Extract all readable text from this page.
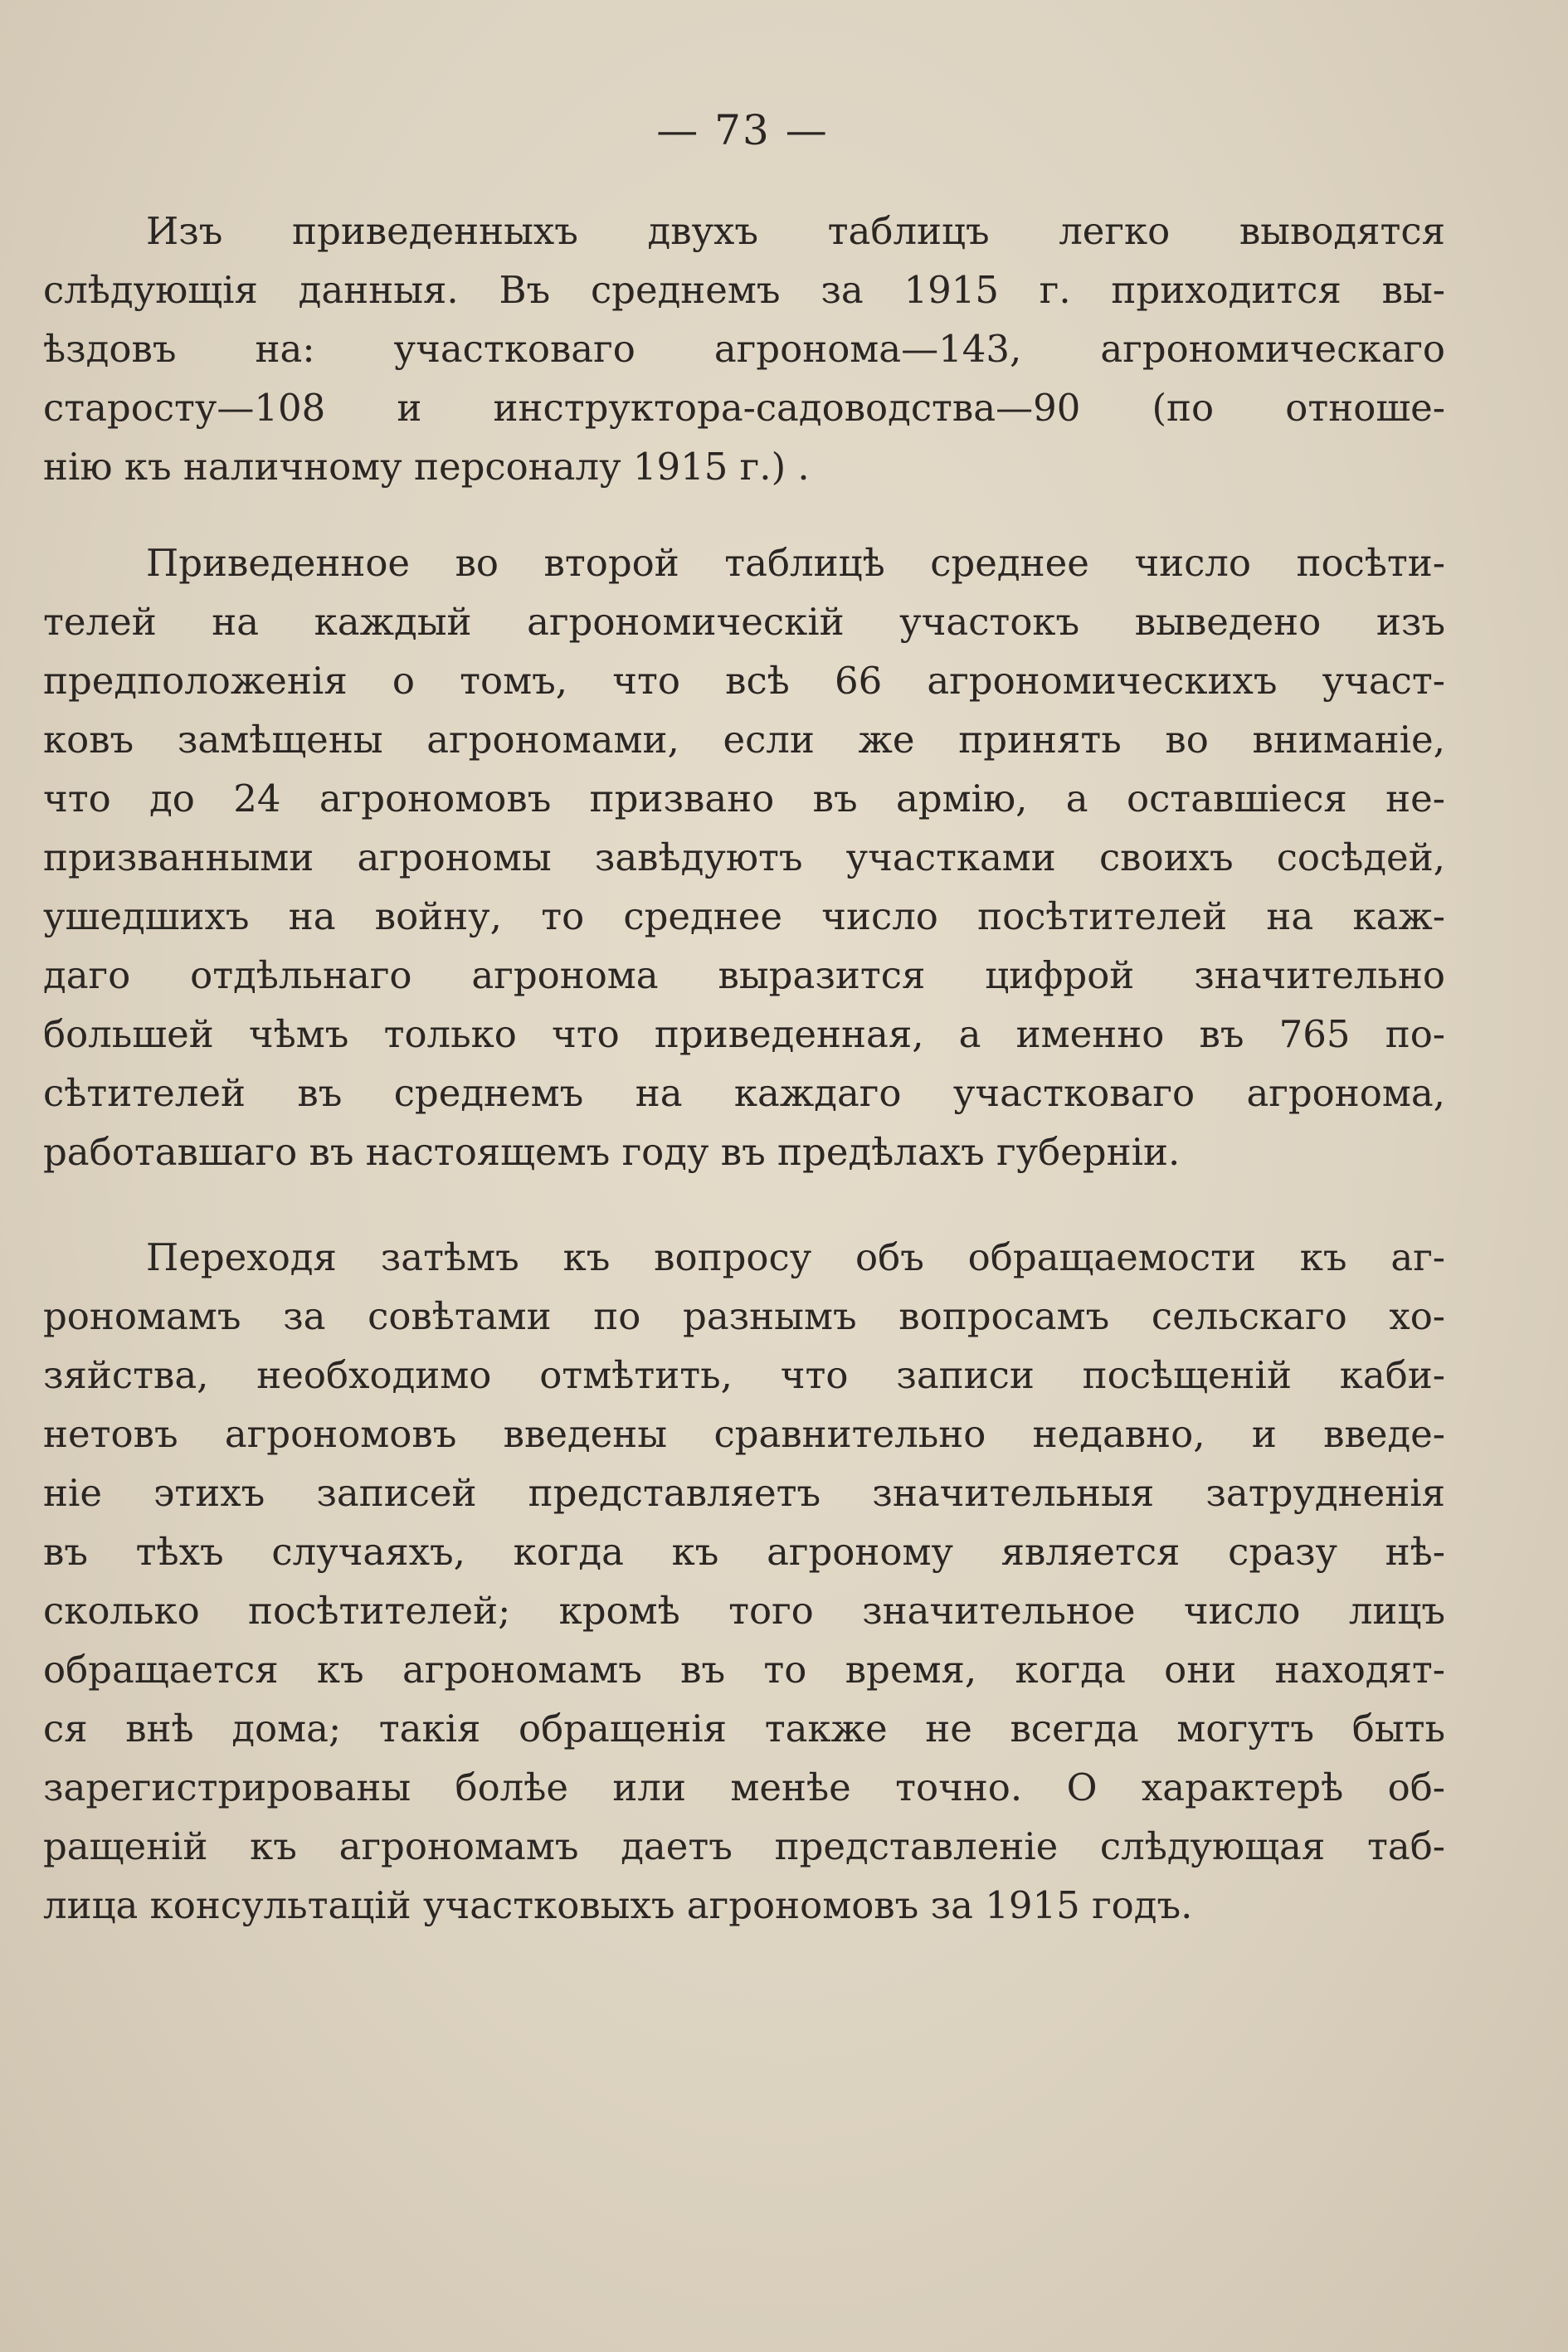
— 73 —
Изъ приведенныхъ двухъ таблицъ легко выводятся
слѣдующія данныя. Въ среднемъ за 1915 г. приходится вы-
ѣздовъ на: участковаго агронома—143, агрономическаго
старосту—108 и инструктора-садоводства—90 (по отноше-
нію къ наличному персоналу 1915 г.) .
Приведенное во второй таблицѣ среднее число посѣти-
телей на каждый агрономическій участокъ выведено изъ
предположенія о томъ, что всѣ 66 агрономическихъ участ-
ковъ замѣщены агрономами, если же принять во вниманіе,
что до 24 агрономовъ призвано въ армію, а оставшіеся не-
призванными агрономы завѣдуютъ участками своихъ сосѣдей,
ушедшихъ на войну, то среднее число посѣтителей на каж-
даго отдѣльнаго агронома выразится цифрой значительно
большей чѣмъ только что приведенная, а именно въ 765 по-
сѣтителей въ среднемъ на каждаго участковаго агронома,
работавшаго въ настоящемъ году въ предѣлахъ губерніи.
Переходя затѣмъ къ вопросу объ обращаемости къ аг-
рономамъ за совѣтами по разнымъ вопросамъ сельскаго хо-
зяйства, необходимо отмѣтить, что записи посѣщеній каби-
нетовъ агрономовъ введены сравнительно недавно, и введе-
ніе этихъ записей представляетъ значительныя затрудненія
въ тѣхъ случаяхъ, когда къ агроному является сразу нѣ-
сколько посѣтителей; кромѣ того значительное число лицъ
обращается къ агрономамъ въ то время, когда они находят-
ся внѣ дома; такія обращенія также не всегда могутъ быть
зарегистрированы болѣе или менѣе точно. О характерѣ об-
ращеній къ агрономамъ даетъ представленіе слѣдующая таб-
лица консультацій участковыхъ агрономовъ за 1915 годъ.
